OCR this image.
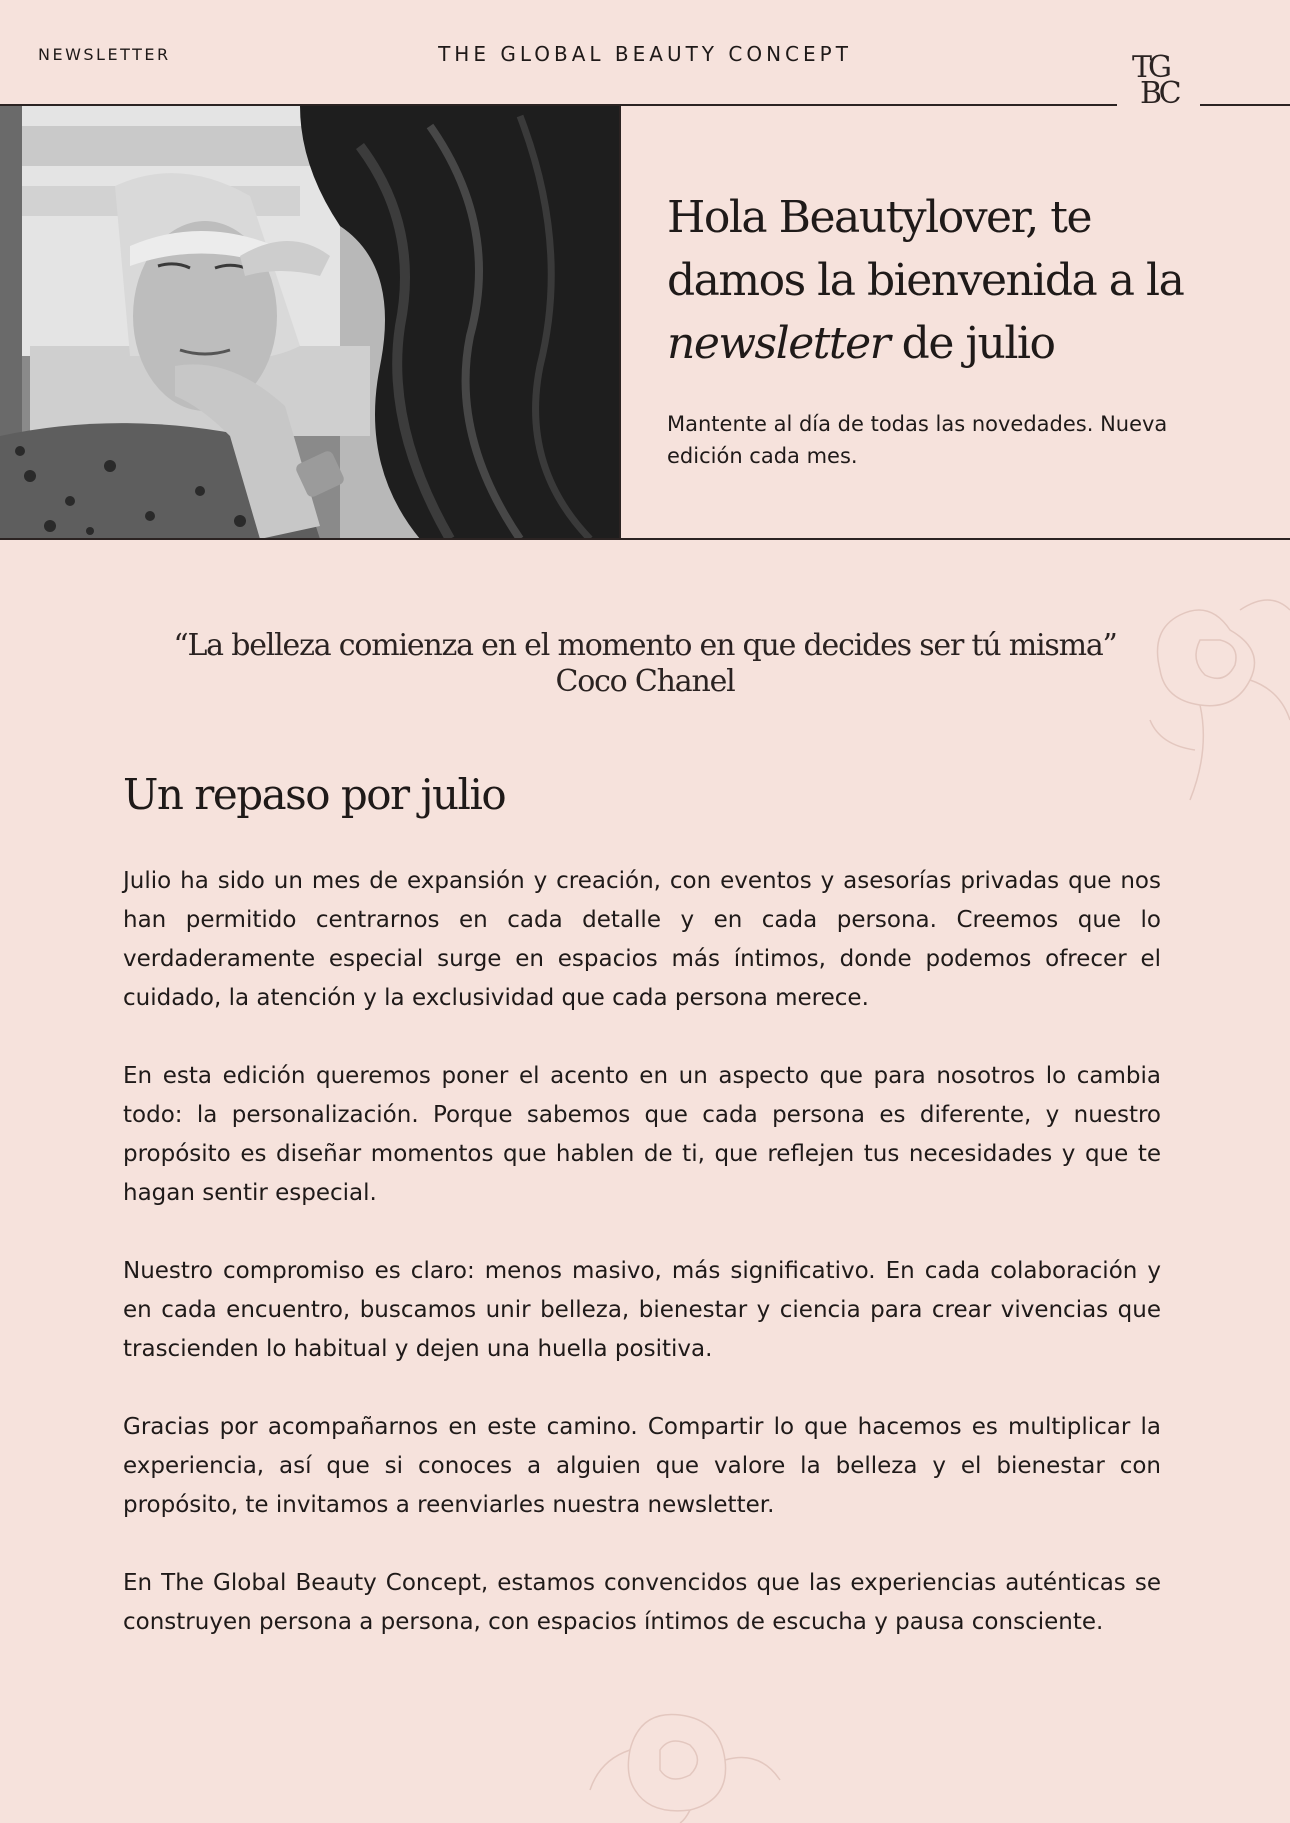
NEWSLETTER	THE GLOBAL BEAUTY CONCEPT	TG
BC
Hola Beautylover, te damos la bienvenida a la newsletter de julio
Mantente al día de todas las novedades. Nueva edición cada mes.
“La belleza comienza en el momento en que decides ser tú misma”
Coco Chanel
Un repaso por julio

Julio ha sido un mes de expansión y creación, con eventos y asesorías privadas que nos han permitido centrarnos en cada detalle y en cada persona. Creemos que lo verdaderamente especial surge en espacios más íntimos, donde podemos ofrecer el cuidado, la atención y la exclusividad que cada persona merece.

En esta edición queremos poner el acento en un aspecto que para nosotros lo cambia todo: la personalización. Porque sabemos que cada persona es diferente, y nuestro propósito es diseñar momentos que hablen de ti, que reflejen tus necesidades y que te hagan sentir especial.

Nuestro compromiso es claro: menos masivo, más significativo. En cada colaboración y en cada encuentro, buscamos unir belleza, bienestar y ciencia para crear vivencias que trascienden lo habitual y dejen una huella positiva.

Gracias por acompañarnos en este camino. Compartir lo que hacemos es multiplicar la experiencia, así que si conoces a alguien que valore la belleza y el bienestar con propósito, te invitamos a reenviarles nuestra newsletter.

En The Global Beauty Concept, estamos convencidos que las experiencias auténticas se construyen persona a persona, con espacios íntimos de escucha y pausa consciente.
